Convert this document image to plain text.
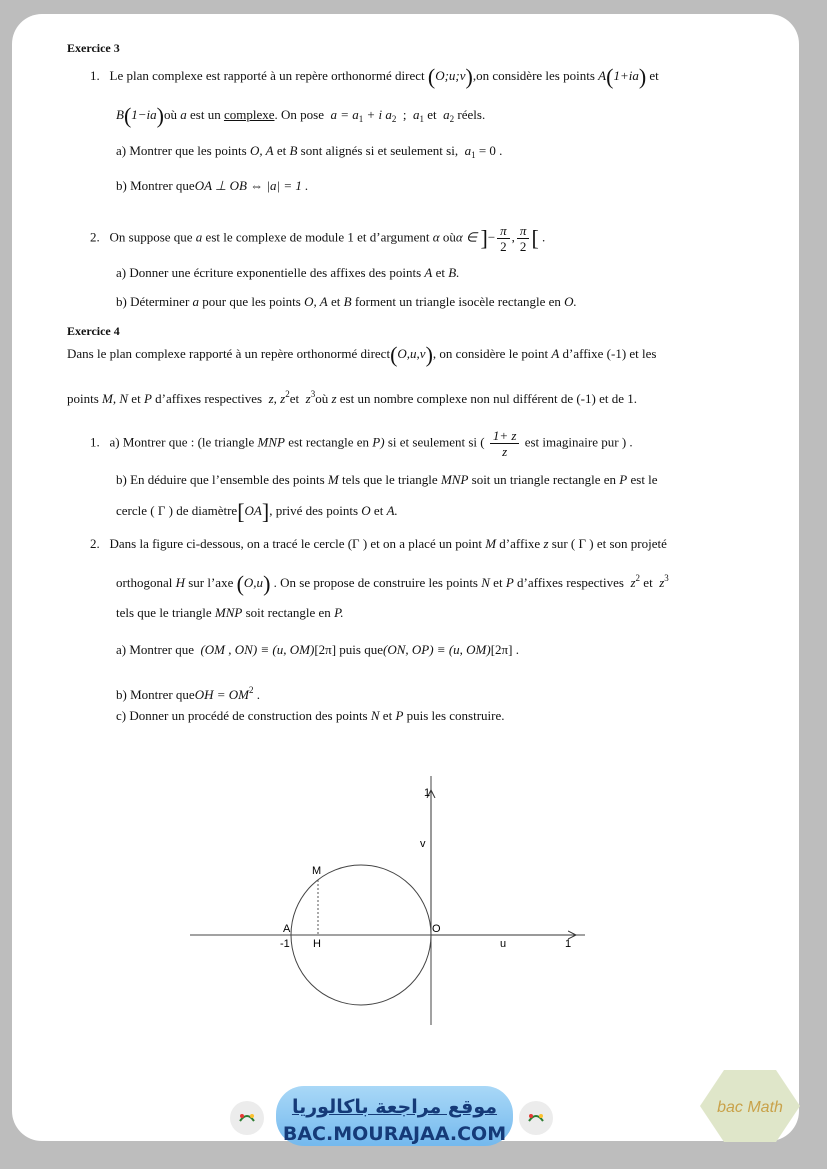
Exercice 3
1. Le plan complexe est rapporté à un repère orthonormé direct (O;u;v),on considère les points A(1+ia) et
B(1−ia)où a est un complexe. On pose $a = a_1 + i$ $a_2$  ;  $a_1$ et  $a_2$ réels.
a) Montrer que les points O, A et B sont alignés si et seulement si, $a_1 = 0$ .
b) Montrer queOA ⊥ OB ⇔ |a| = 1 .
2. On suppose que a est le complexe de module 1 et d’argument α oùα ∈ ]− $\frac{\pi}{2}$ , $\frac{\pi}{2}$ [ .
a) Donner une écriture exponentielle des affixes des points A et B.
b) Déterminer a pour que les points O, A et B forment un triangle isocèle rectangle en O.
Exercice 4
Dans le plan complexe rapporté à un repère orthonormé direct(O,u,v), on considère le point A d’affixe (-1) et les
points M, N et P d’affixes respectives z, $z^2et$ $z^3où$ z est un nombre complexe non nul différent de (-1) et de 1.
1. a) Montrer que : (le triangle MNP est rectangle en P) si et seulement si ( $\frac{1+ z}{z}$ est imaginaire pur ) .
b) En déduire que l’ensemble des points M tels que le triangle MNP soit un triangle rectangle en P est le
cercle ( Γ ) de diamètre[OA], privé des points O et A.
2. Dans la figure ci-dessous, on a tracé le cercle (Γ ) et on a placé un point M d’affixe z sur ( Γ ) et son projeté
orthogonal H sur l’axe (O,u) . On se propose de construire les points N et P d’affixes respectives $z^2$ et $z^3$
tels que le triangle MNP soit rectangle en P.
a) Montrer que (OM , ON) ≡ (u, OM)[2π] puis que(ON, OP) ≡ (u, OM)[2π] .
b) Montrer queOH = $OM^2$ .
c) Donner un procédé de construction des points N et P puis les construire.
1
v
M
A	O
-1 H	u	1
موقع مراجعة باكالوريا
BAC.MOURAJAA.COM
bac Math
